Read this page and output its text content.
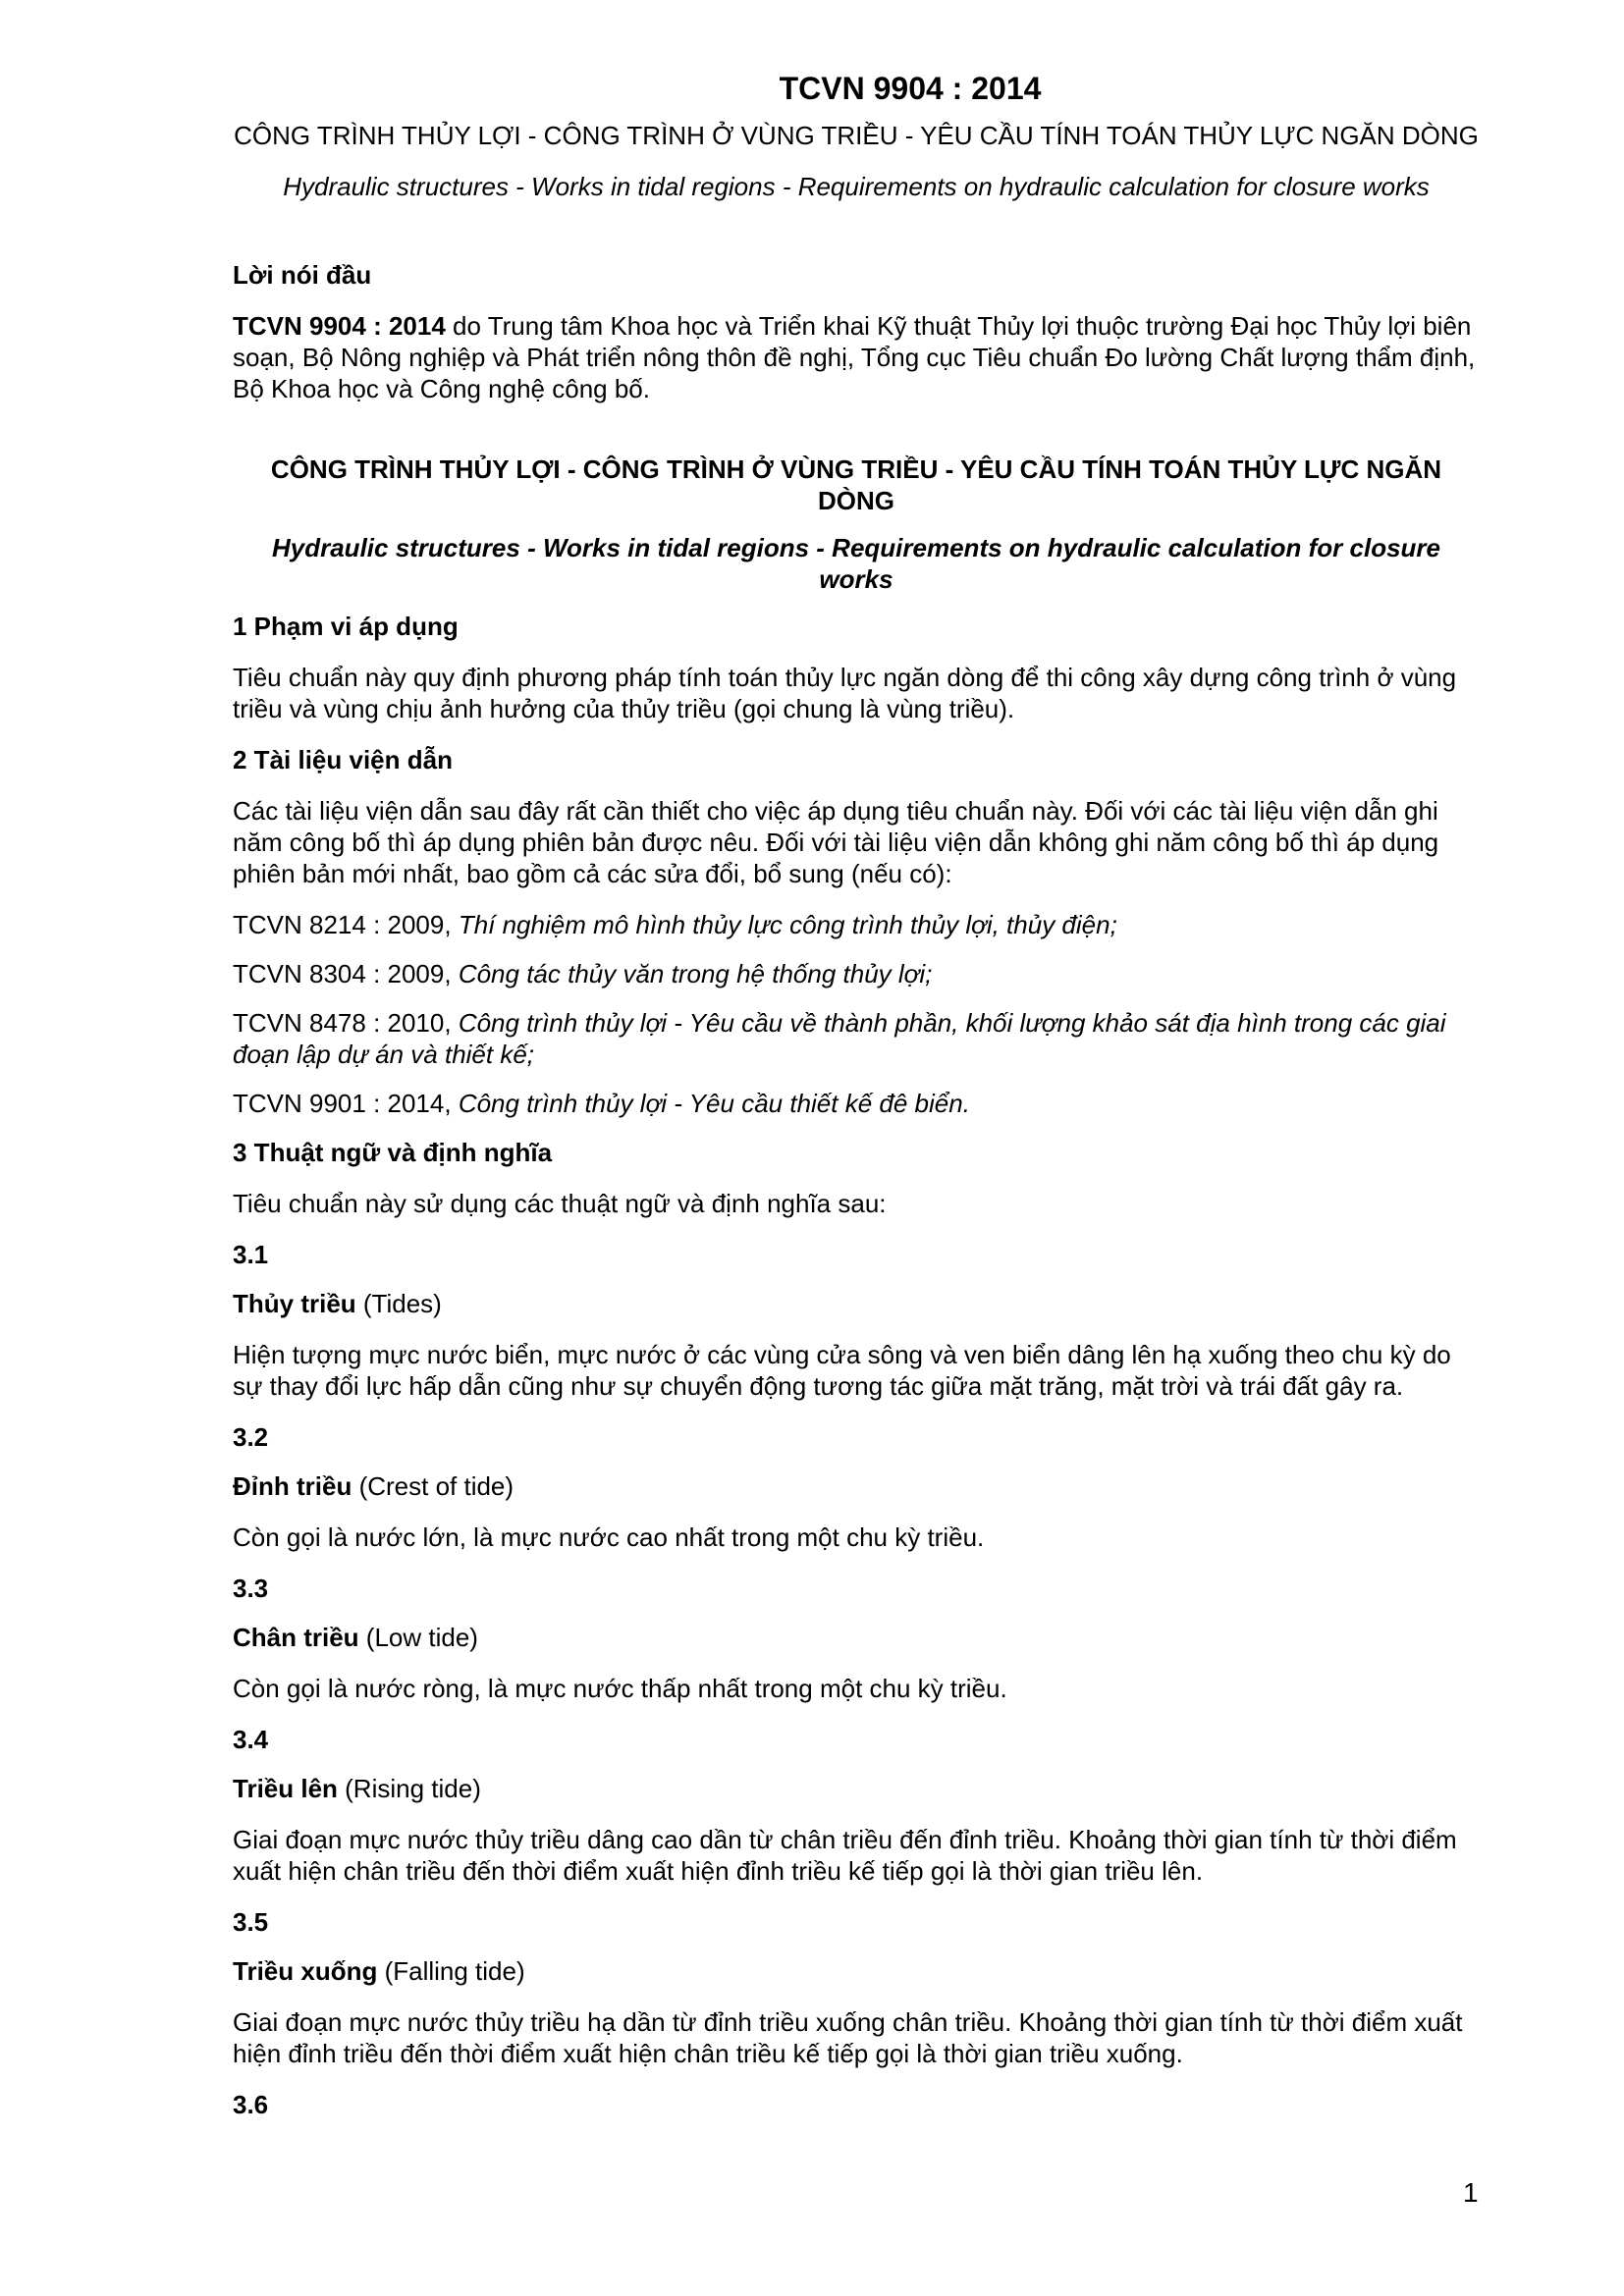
TCVN 9904 : 2014
CÔNG TRÌNH THỦY LỢI - CÔNG TRÌNH Ở VÙNG TRIỀU - YÊU CẦU TÍNH TOÁN THỦY LỰC NGĂN DÒNG
Hydraulic structures - Works in tidal regions - Requirements on hydraulic calculation for closure works
Lời nói đầu

TCVN 9904 : 2014 do Trung tâm Khoa học và Triển khai Kỹ thuật Thủy lợi thuộc trường Đại học Thủy lợi biên soạn, Bộ Nông nghiệp và Phát triển nông thôn đề nghị, Tổng cục Tiêu chuẩn Đo lường Chất lượng thẩm định, Bộ Khoa học và Công nghệ công bố.

CÔNG TRÌNH THỦY LỢI - CÔNG TRÌNH Ở VÙNG TRIỀU - YÊU CẦU TÍNH TOÁN THỦY LỰC NGĂN DÒNG
Hydraulic structures - Works in tidal regions - Requirements on hydraulic calculation for closure works
1 Phạm vi áp dụng

Tiêu chuẩn này quy định phương pháp tính toán thủy lực ngăn dòng để thi công xây dựng công trình ở vùng triều và vùng chịu ảnh hưởng của thủy triều (gọi chung là vùng triều).

2 Tài liệu viện dẫn

Các tài liệu viện dẫn sau đây rất cần thiết cho việc áp dụng tiêu chuẩn này. Đối với các tài liệu viện dẫn ghi năm công bố thì áp dụng phiên bản được nêu. Đối với tài liệu viện dẫn không ghi năm công bố thì áp dụng phiên bản mới nhất, bao gồm cả các sửa đổi, bổ sung (nếu có):

TCVN 8214 : 2009, Thí nghiệm mô hình thủy lực công trình thủy lợi, thủy điện;

TCVN 8304 : 2009, Công tác thủy văn trong hệ thống thủy lợi;

TCVN 8478 : 2010, Công trình thủy lợi - Yêu cầu về thành phần, khối lượng khảo sát địa hình trong các giai đoạn lập dự án và thiết kế;

TCVN 9901 : 2014, Công trình thủy lợi - Yêu cầu thiết kế đê biển.

3 Thuật ngữ và định nghĩa

Tiêu chuẩn này sử dụng các thuật ngữ và định nghĩa sau:

3.1

Thủy triều (Tides)

Hiện tượng mực nước biển, mực nước ở các vùng cửa sông và ven biển dâng lên hạ xuống theo chu kỳ do sự thay đổi lực hấp dẫn cũng như sự chuyển động tương tác giữa mặt trăng, mặt trời và trái đất gây ra.

3.2

Đỉnh triều (Crest of tide)

Còn gọi là nước lớn, là mực nước cao nhất trong một chu kỳ triều.

3.3

Chân triều (Low tide)

Còn gọi là nước ròng, là mực nước thấp nhất trong một chu kỳ triều.

3.4

Triều lên (Rising tide)

Giai đoạn mực nước thủy triều dâng cao dần từ chân triều đến đỉnh triều. Khoảng thời gian tính từ thời điểm xuất hiện chân triều đến thời điểm xuất hiện đỉnh triều kế tiếp gọi là thời gian triều lên.

3.5

Triều xuống (Falling tide)

Giai đoạn mực nước thủy triều hạ dần từ đỉnh triều xuống chân triều. Khoảng thời gian tính từ thời điểm xuất hiện đỉnh triều đến thời điểm xuất hiện chân triều kế tiếp gọi là thời gian triều xuống.

3.6
1
